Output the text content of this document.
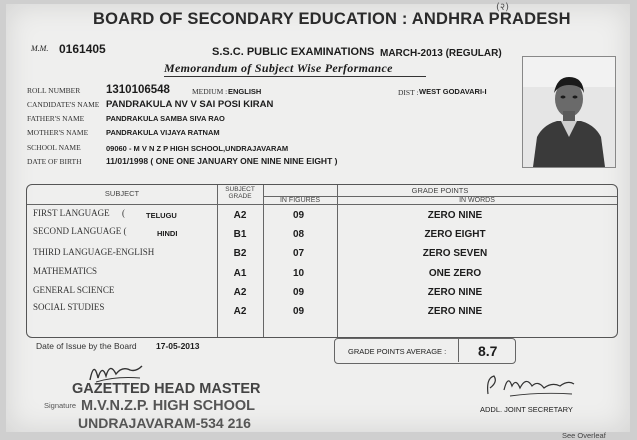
(२)
BOARD OF SECONDARY EDUCATION : ANDHRA PRADESH
M.M. 0161405	S.S.C. PUBLIC EXAMINATIONS MARCH-2013 (REGULAR)
Memorandum of Subject Wise Performance
ROLL NUMBER 1310106548	MEDIUM : ENGLISH	DIST : WEST GODAVARI-I
CANDIDATE'S NAME PANDRAKULA NV V SAI POSI KIRAN
FATHER'S NAME	PANDRAKULA SAMBA SIVA RAO
MOTHER'S NAME PANDRAKULA VIJAYA RATNAM
SCHOOL NAME	09060 - M V N Z P HIGH SCHOOL,UNDRAJAVARAM
DATE OF BIRTH	11/01/1998 ( ONE ONE JANUARY ONE NINE NINE EIGHT )
SUBJECT	SUBJECT GRADE
GRADE POINTS
IN FIGURES	IN WORDS
FIRST LANGUAGE (	TELUGU	A2	09	ZERO NINE
SECOND LANGUAGE (	HINDI	B1	08	ZERO EIGHT
THIRD LANGUAGE-ENGLISH	B2	07	ZERO SEVEN
MATHEMATICS	A1	10	ONE ZERO
GENERAL SCIENCE	A2	09	ZERO NINE
SOCIAL STUDIES	A2	09	ZERO NINE
Date of Issue by the Board 17-05-2013
GRADE POINTS AVERAGE : 8.7
Signature
GAZETTED HEAD MASTER
M.V.N.Z.P. HIGH SCHOOL
UNDRAJAVARAM-534 216
ADDL. JOINT SECRETARY
See Overleaf
